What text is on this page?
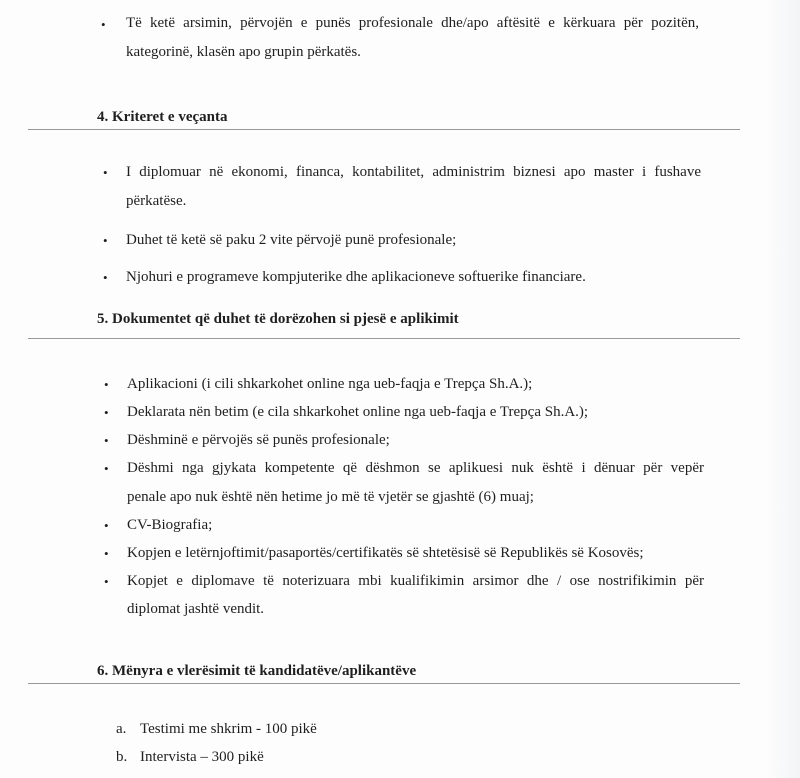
• Të ketë arsimin, përvojën e punës profesionale dhe/apo aftësitë e kërkuara për pozitën,
kategorinë, klasën apo grupin përkatës.
4. Kriteret e veçanta
• I diplomuar në ekonomi, financa, kontabilitet, administrim biznesi apo master i fushave
përkatëse.
• Duhet të ketë së paku 2 vite përvojë punë profesionale;
• Njohuri e programeve kompjuterike dhe aplikacioneve softuerike financiare.
5. Dokumentet që duhet të dorëzohen si pjesë e aplikimit
• Aplikacioni (i cili shkarkohet online nga ueb-faqja e Trepça Sh.A.);
• Deklarata nën betim (e cila shkarkohet online nga ueb-faqja e Trepça Sh.A.);
• Dëshminë e përvojës së punës profesionale;
• Dëshmi nga gjykata kompetente që dëshmon se aplikuesi nuk është i dënuar për vepër
penale apo nuk është nën hetime jo më të vjetër se gjashtë (6) muaj;
• CV-Biografia;
• Kopjen e letërnjoftimit/pasaportës/certifikatës së shtetësisë së Republikës së Kosovës;
• Kopjet e diplomave të noterizuara mbi kualifikimin arsimor dhe / ose nostrifikimin për
diplomat jashtë vendit.
6. Mënyra e vlerësimit të kandidatëve/aplikantëve
a. Testimi me shkrim - 100 pikë
b. Intervista – 300 pikë
